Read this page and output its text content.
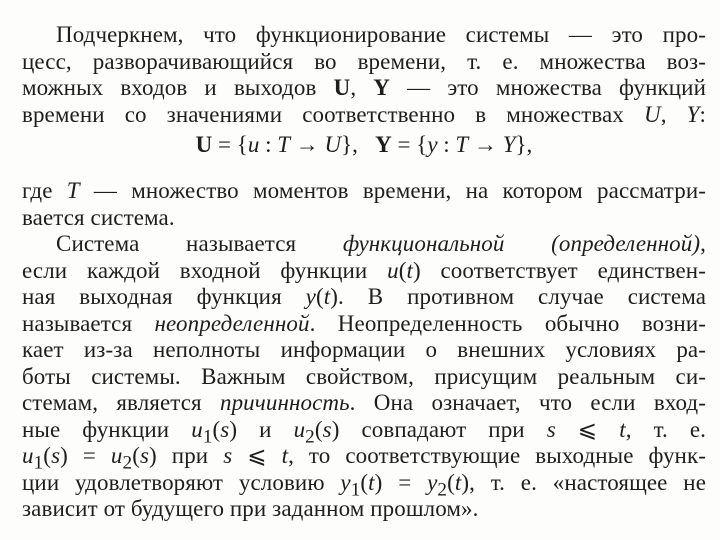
Подчеркнем, что функционирование системы — это про-
цесс, разворачивающийся во времени, т. е. множества воз-
можных входов и выходов U, Y — это множества функций
времени со значениями соответственно в множествах U, Y:
U = {u : T → U},   Y = {y : T → Y},
где T — множество моментов времени, на котором рассматри-
вается система.
Система называется функциональной (определенной),
если каждой входной функции u(t) соответствует единствен-
ная выходная функция y(t). В противном случае система
называется неопределенной. Неопределенность обычно возни-
кает из-за неполноты информации о внешних условиях ра-
боты системы. Важным свойством, присущим реальным си-
стемам, является причинность. Она означает, что если вход-
ные функции $u_1(s)$ и $u_2(s)$ совпадают при s ⩽ t, т. е.
$u_1(s) = u_2(s)$ при s ⩽ t, то соответствующие выходные функ-
ции удовлетворяют условию $y_1(t) = y_2(t)$, т. е. «настоящее не
зависит от будущего при заданном прошлом».
